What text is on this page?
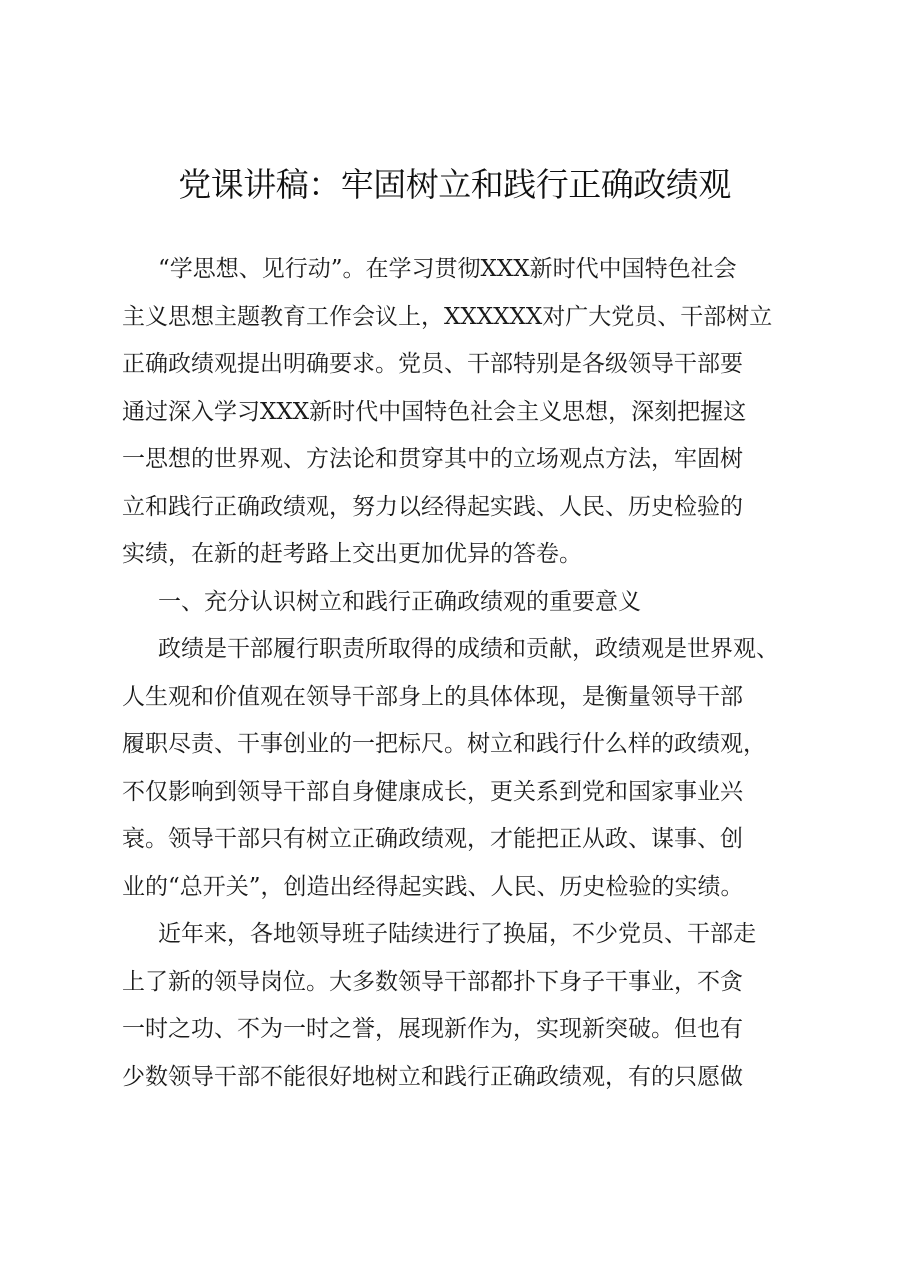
党课讲稿：牢固树立和践行正确政绩观
“学思想、见行动”。在学习贯彻XXX新时代中国特色社会
主义思想主题教育工作会议上，XXXXXX对广大党员、干部树立
正确政绩观提出明确要求。党员、干部特别是各级领导干部要
通过深入学习XXX新时代中国特色社会主义思想，深刻把握这
一思想的世界观、方法论和贯穿其中的立场观点方法，牢固树
立和践行正确政绩观，努力以经得起实践、人民、历史检验的
实绩，在新的赶考路上交出更加优异的答卷。
一、充分认识树立和践行正确政绩观的重要意义
政绩是干部履行职责所取得的成绩和贡献，政绩观是世界观、
人生观和价值观在领导干部身上的具体体现，是衡量领导干部
履职尽责、干事创业的一把标尺。树立和践行什么样的政绩观，
不仅影响到领导干部自身健康成长，更关系到党和国家事业兴
衰。领导干部只有树立正确政绩观，才能把正从政、谋事、创
业的“总开关”，创造出经得起实践、人民、历史检验的实绩。
近年来，各地领导班子陆续进行了换届，不少党员、干部走
上了新的领导岗位。大多数领导干部都扑下身子干事业，不贪
一时之功、不为一时之誉，展现新作为，实现新突破。但也有
少数领导干部不能很好地树立和践行正确政绩观，有的只愿做
